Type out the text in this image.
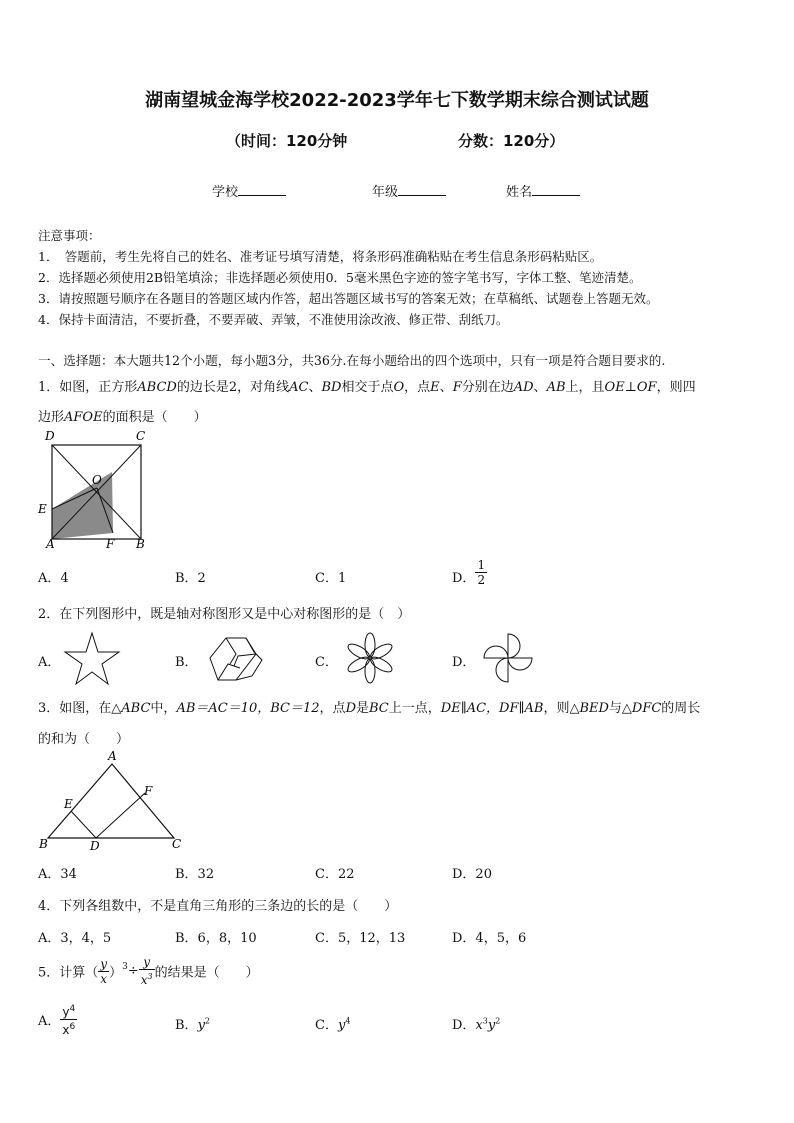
湖南望城金海学校2022-2023学年七下数学期末综合测试试题
（时间：120分钟	分数：120分）
学校	年级	姓名
注意事项：
1．　答题前，考生先将自己的姓名、准考证号填写清楚，将条形码准确粘贴在考生信息条形码粘贴区。
2．选择题必须使用2B铅笔填涂；非选择题必须使用0．5毫米黑色字迹的签字笔书写，字体工整、笔迹清楚。
3．请按照题号顺序在各题目的答题区域内作答，超出答题区域书写的答案无效；在草稿纸、试题卷上答题无效。
4．保持卡面清洁，不要折叠，不要弄破、弄皱，不准使用涂改液、修正带、刮纸刀。
一、选择题：本大题共12个小题，每小题3分，共36分.在每小题给出的四个选项中，只有一项是符合题目要求的.
1．如图，正方形ABCD的边长是2，对角线AC、BD相交于点O，点E、F分别在边AD、AB上，且OE⊥OF，则四
边形AFOE的面积是（　　）
D	C
O
E
A	F B
A．4	B．2	C．1	D． $\frac{1}{2}$
2．在下列图形中，既是轴对称图形又是中心对称图形的是（　）
A．	B．	C．	D．
3．如图，在△ABC中，AB＝AC＝10，BC＝12，点D是BC上一点，DE∥AC，DF∥AB，则△BED与△DFC的周长
的和为（　　）
A
E
F
B	D	C
A．34	B．32	C．22	D．20
4．下列各组数中，不是直角三角形的三条边的长的是（　　）
A．3，4，5	B．6，8，10	C．5，12，13	D．4，5，6
5．计算（ $\frac{y}{x} )^3\div \frac{y}{x^3}$ 的结果是（　　）
A． $\frac{y^4}{x^6}$	B．$y^2$	C．$y^4$	D．$x^3y^2$
